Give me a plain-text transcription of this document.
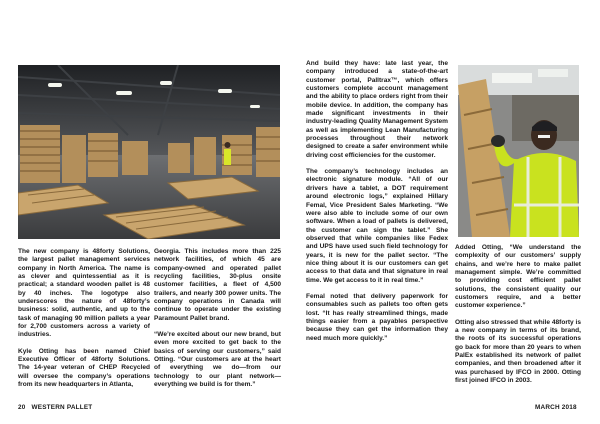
The new company is 48forty Solutions, the largest pallet management services company in North America. The name is as clever and quintessential as it is practical; a standard wooden pallet is 48 by 40 inches. The logotype also underscores the nature of 48forty’s business: solid, authentic, and up to the task of managing 90 million pallets a year for 2,700 customers across a variety of industries.

Kyle Otting has been named Chief Executive Officer of 48forty Solutions. The 14-year veteran of CHEP Recycled will oversee the company’s operations from its new headquarters in Atlanta,

Georgia. This includes more than 225 network facilities, of which 45 are company-owned and operated pallet recycling facilities, 30-plus onsite customer facilities, a fleet of 4,500 trailers, and nearly 300 power units. The company operations in Canada will continue to operate under the existing Paramount Pallet brand.

“We’re excited about our new brand, but even more excited to get back to the basics of serving our customers,” said Otting. “Our customers are at the heart of everything we do—from our technology to our plant network—everything we build is for them.”

And build they have: late last year, the company introduced a state-of-the-art customer portal, Palltrax™, which offers customers complete account management and the ability to place orders right from their mobile device. In addition, the company has made significant investments in their industry-leading Quality Management System as well as implementing Lean Manufacturing processes throughout their network designed to create a safer environment while driving cost efficiencies for the customer.

The company’s technology includes an electronic signature module. “All of our drivers have a tablet, a DOT requirement around electronic logs,” explained Hillary Femal, Vice President Sales Marketing. “We were also able to include some of our own software. When a load of pallets is delivered, the customer can sign the tablet.” She observed that while companies like Fedex and UPS have used such field technology for years, it is new for the pallet sector. “The nice thing about it is our customers can get access to that data and that signature in real time. We get access to it in real time.”

Femal noted that delivery paperwork for consumables such as pallets too often gets lost. “It has really streamlined things, made things easier from a payables perspective because they can get the information they need much more quickly.”

Added Otting, “We understand the complexity of our customers’ supply chains, and we’re here to make pallet management simple. We’re committed to providing cost efficient pallet solutions, the consistent quality our customers require, and a better customer experience.”

Otting also stressed that while 48forty is a new company in terms of its brand, the roots of its successful operations go back for more than 20 years to when PalEx established its network of pallet companies, and then broadened after it was purchased by IFCO in 2000. Otting first joined IFCO in 2003.

20 WESTERN PALLET	MARCH 2018
